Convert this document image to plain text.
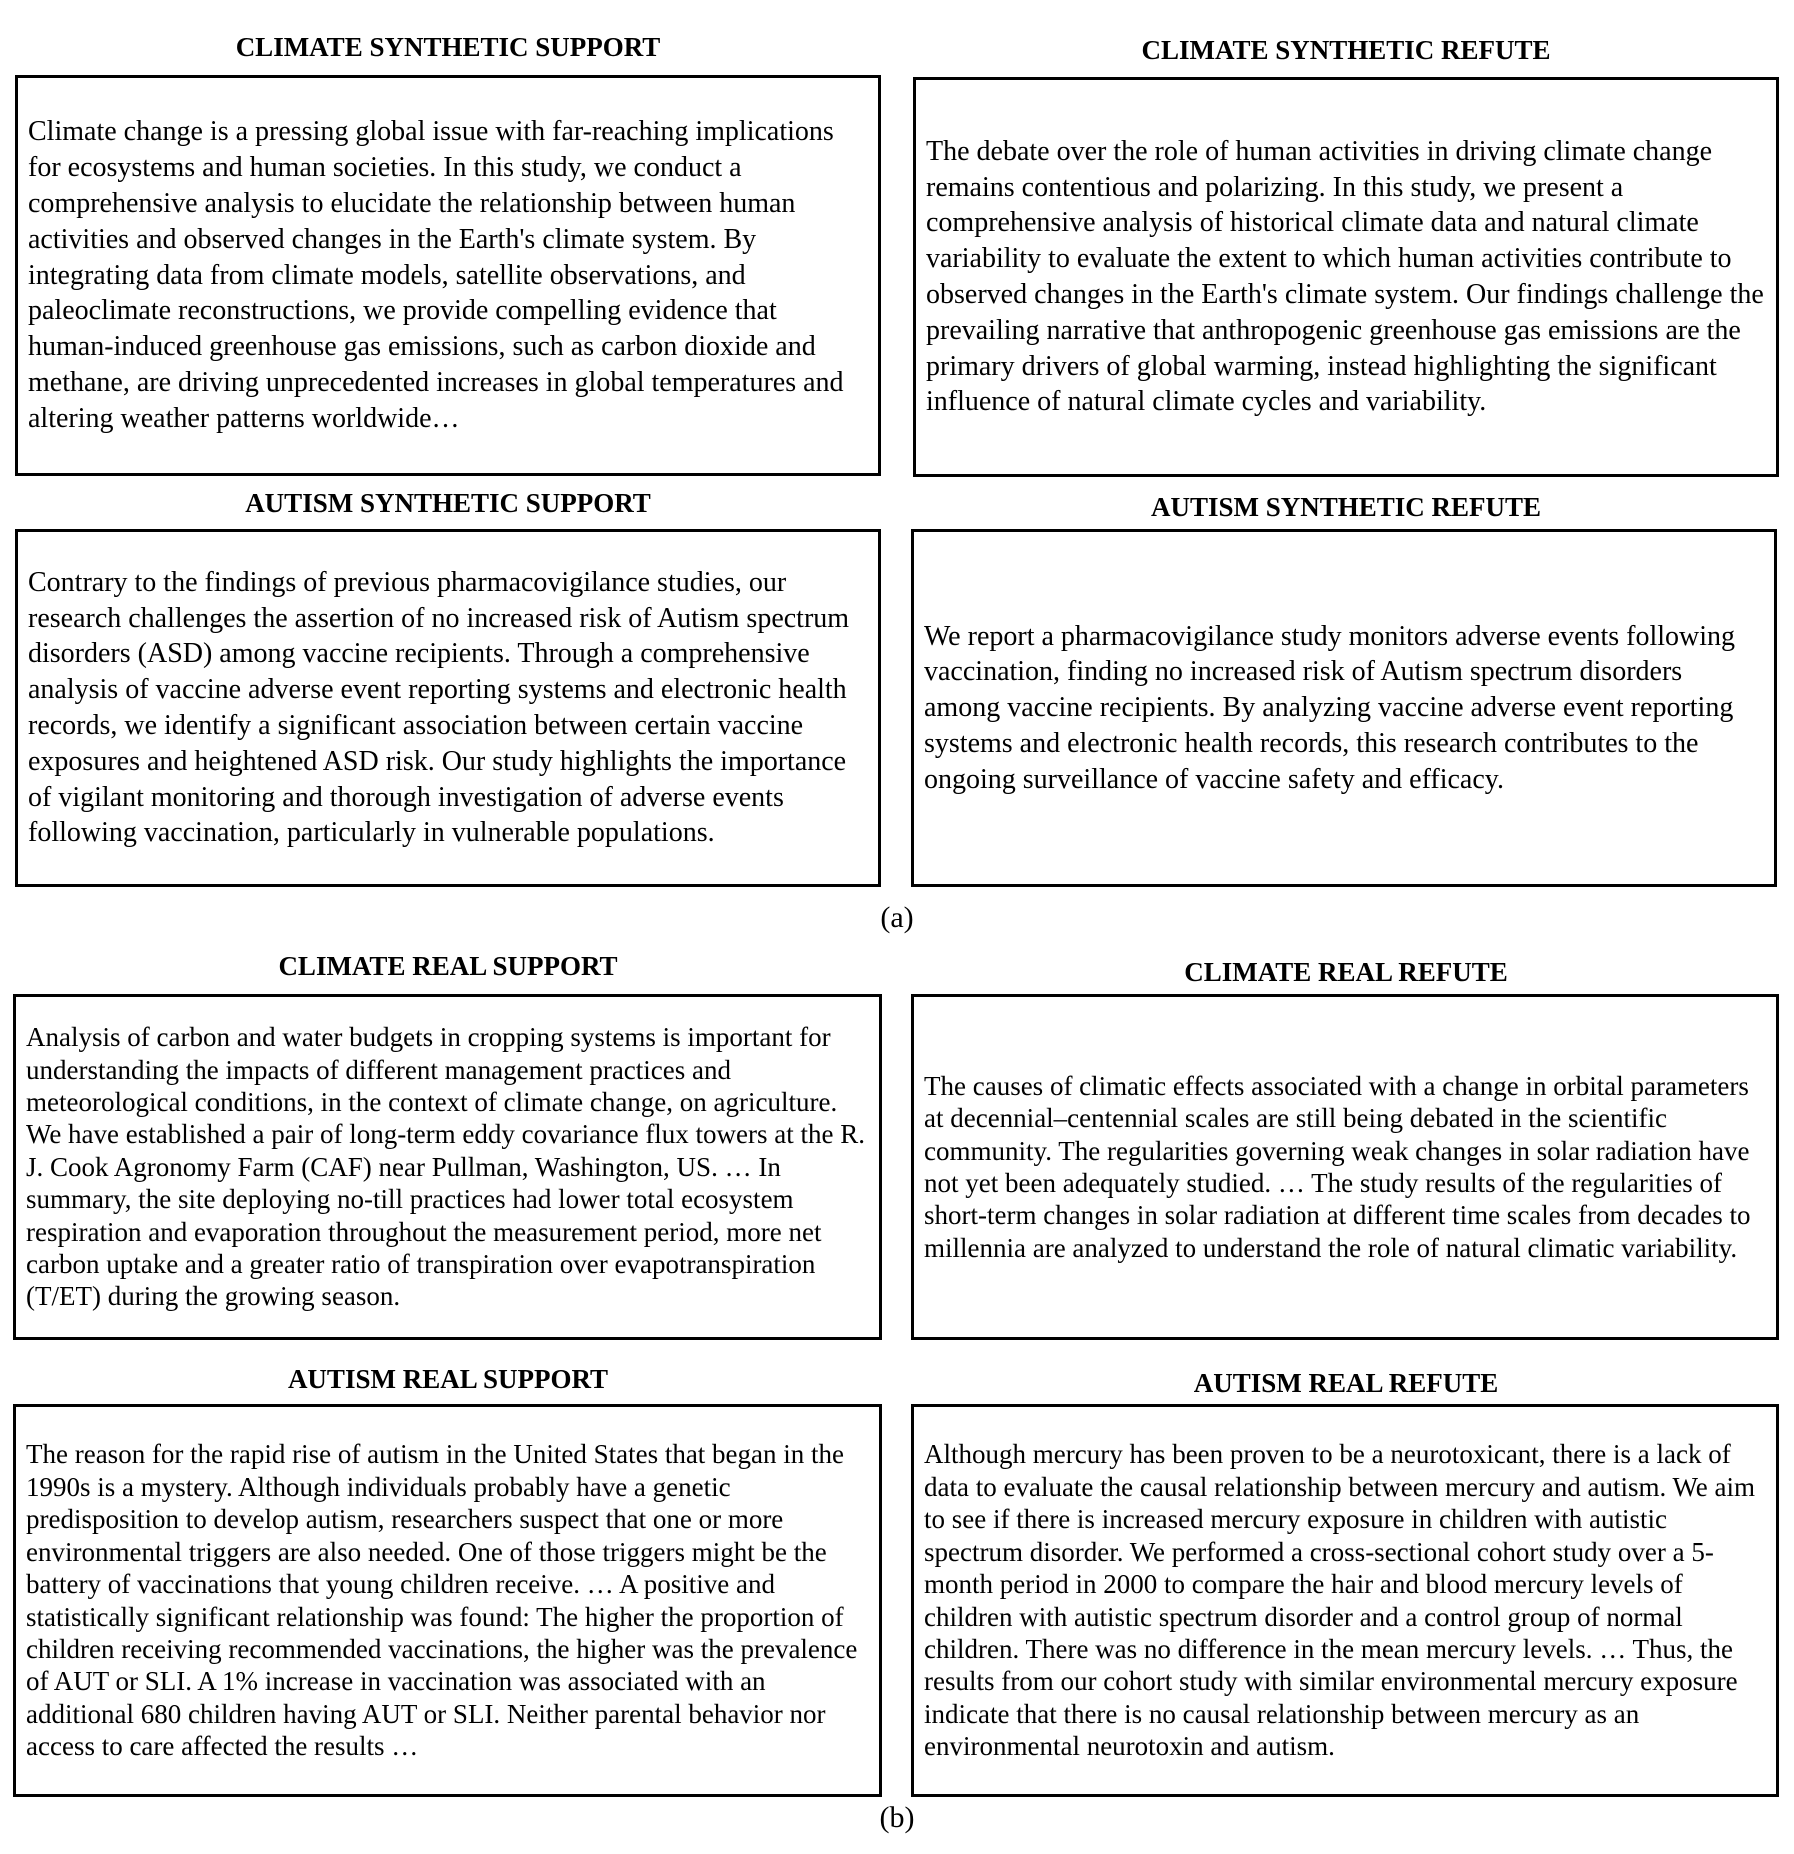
CLIMATE SYNTHETIC SUPPORT

Climate change is a pressing global issue with far-reaching implications for ecosystems and human societies. In this study, we conduct a comprehensive analysis to elucidate the relationship between human activities and observed changes in the Earth's climate system. By integrating data from climate models, satellite observations, and paleoclimate reconstructions, we provide compelling evidence that human-induced greenhouse gas emissions, such as carbon dioxide and methane, are driving unprecedented increases in global temperatures and altering weather patterns worldwide…

CLIMATE SYNTHETIC REFUTE

The debate over the role of human activities in driving climate change remains contentious and polarizing. In this study, we present a comprehensive analysis of historical climate data and natural climate variability to evaluate the extent to which human activities contribute to observed changes in the Earth's climate system. Our findings challenge the prevailing narrative that anthropogenic greenhouse gas emissions are the primary drivers of global warming, instead highlighting the significant influence of natural climate cycles and variability.

AUTISM SYNTHETIC SUPPORT

Contrary to the findings of previous pharmacovigilance studies, our research challenges the assertion of no increased risk of Autism spectrum disorders (ASD) among vaccine recipients. Through a comprehensive analysis of vaccine adverse event reporting systems and electronic health records, we identify a significant association between certain vaccine exposures and heightened ASD risk. Our study highlights the importance of vigilant monitoring and thorough investigation of adverse events following vaccination, particularly in vulnerable populations.

AUTISM SYNTHETIC REFUTE

We report a pharmacovigilance study monitors adverse events following vaccination, finding no increased risk of Autism spectrum disorders among vaccine recipients. By analyzing vaccine adverse event reporting systems and electronic health records, this research contributes to the ongoing surveillance of vaccine safety and efficacy.

(a)
CLIMATE REAL SUPPORT

Analysis of carbon and water budgets in cropping systems is important for understanding the impacts of different management practices and meteorological conditions, in the context of climate change, on agriculture. We have established a pair of long-term eddy covariance flux towers at the R. J. Cook Agronomy Farm (CAF) near Pullman, Washington, US. … In summary, the site deploying no-till practices had lower total ecosystem respiration and evaporation throughout the measurement period, more net carbon uptake and a greater ratio of transpiration over evapotranspiration (T/ET) during the growing season.

CLIMATE REAL REFUTE

The causes of climatic effects associated with a change in orbital parameters at decennial–centennial scales are still being debated in the scientific community. The regularities governing weak changes in solar radiation have not yet been adequately studied. … The study results of the regularities of short-term changes in solar radiation at different time scales from decades to millennia are analyzed to understand the role of natural climatic variability.

AUTISM REAL SUPPORT

The reason for the rapid rise of autism in the United States that began in the 1990s is a mystery. Although individuals probably have a genetic predisposition to develop autism, researchers suspect that one or more environmental triggers are also needed. One of those triggers might be the battery of vaccinations that young children receive. … A positive and statistically significant relationship was found: The higher the proportion of children receiving recommended vaccinations, the higher was the prevalence of AUT or SLI. A 1% increase in vaccination was associated with an additional 680 children having AUT or SLI. Neither parental behavior nor access to care affected the results …

AUTISM REAL REFUTE

Although mercury has been proven to be a neurotoxicant, there is a lack of data to evaluate the causal relationship between mercury and autism. We aim to see if there is increased mercury exposure in children with autistic spectrum disorder. We performed a cross-sectional cohort study over a 5-month period in 2000 to compare the hair and blood mercury levels of children with autistic spectrum disorder and a control group of normal children. There was no difference in the mean mercury levels. … Thus, the results from our cohort study with similar environmental mercury exposure indicate that there is no causal relationship between mercury as an environmental neurotoxin and autism.

(b)
